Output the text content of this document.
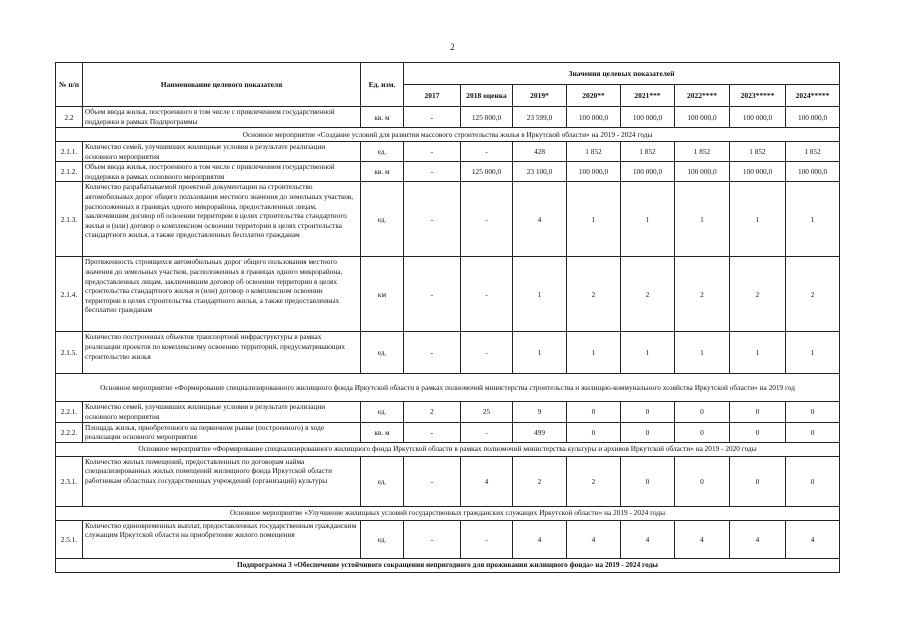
2
№ п/п	Наименование целевого показателя	Ед. изм.	Значения целевых показателей							
			2017	2018 оценка	2019*	2020**	2021***	2022****	2023*****	2024*****
2.2	Объем ввода жилья, построенного в том числе с привлечением государственной поддержки в рамках Подпрограммы	кв. м	-	125 000,0	23 599,0	100 000,0	100 000,0	100 000,0	100 000,0	100 000,0
Основное мероприятие «Создание условий для развития массового строительства жилья в Иркутской области» на 2019 - 2024 годы										
2.1.1.	Количество семей, улучшивших жилищные условия в результате реализации основного мероприятия	ед.	-	-	428	1 852	1 852	1 852	1 852	1 852
2.1.2.	Объем ввода жилья, построенного в том числе с привлечением государственной поддержки в рамках основного мероприятия	кв. м	-	125 000,0	23 100,0	100 000,0	100 000,0	100 000,0	100 000,0	100 000,0
2.1.3.	Количество разрабатываемой проектной документации на строительство автомобильных дорог общего пользования местного значения до земельных участков, расположенных в границах одного микрорайона, предоставленных лицам, заключившим договор об освоении территории в целях строительства стандартного жилья и (или) договор о комплексном освоении территории в целях строительства стандартного жилья, а также предоставленных бесплатно гражданам	ед.	-	-	4	1	1	1	1	1
2.1.4.	Протяженность строящихся автомобильных дорог общего пользования местного значения до земельных участков, расположенных в границах одного микрорайона, предоставленных лицам, заключившим договор об освоении территории в целях строительства стандартного жилья и (или) договор о комплексном освоении территории в целях строительства стандартного жилья, а также предоставленных бесплатно гражданам	км	-	-	1	2	2	2	2	2
2.1.5.	Количество построенных объектов транспортной инфраструктуры в рамках реализации проектов по комплексному освоению территорий, предусматривающих строительство жилья	ед.	-	-	1	1	1	1	1	1
Основное мероприятие «Формирование специализированного жилищного фонда Иркутской области в рамках полномочий министерства строительства и жилищно-коммунального хозяйства Иркутской области» на 2019 год										
2.2.1.	Количество семей, улучшивших жилищные условия в результате реализации основного мероприятия	ед.	2	25	9	0	0	0	0	0
2.2.2.	Площадь жилья, приобретенного на первичном рынке (построенного) в ходе реализации основного мероприятия	кв. м	-	-	499	0	0	0	0	0
Основное мероприятие «Формирование специализированного жилищного фонда Иркутской области в рамках полномочий министерства культуры и архивов Иркутской области» на 2019 - 2020 годы										
2.3.1.	Количество жилых помещений, предоставленных по договорам найма специализированных жилых помещений жилищного фонда Иркутской области работникам областных государственных учреждений (организаций) культуры	ед.	-	4	2	2	0	0	0	0
Основное мероприятие «Улучшение жилищных условий государственных гражданских служащих Иркутской области» на 2019 - 2024 годы										
2.5.1.	Количество единовременных выплат, предоставленных государственным гражданским служащим Иркутской области на приобретение жилого помещения	ед.	-	-	4	4	4	4	4	4
Подпрограмма 3 «Обеспечение устойчивого сокращения непригодного для проживания жилищного фонда» на 2019 - 2024 годы										
